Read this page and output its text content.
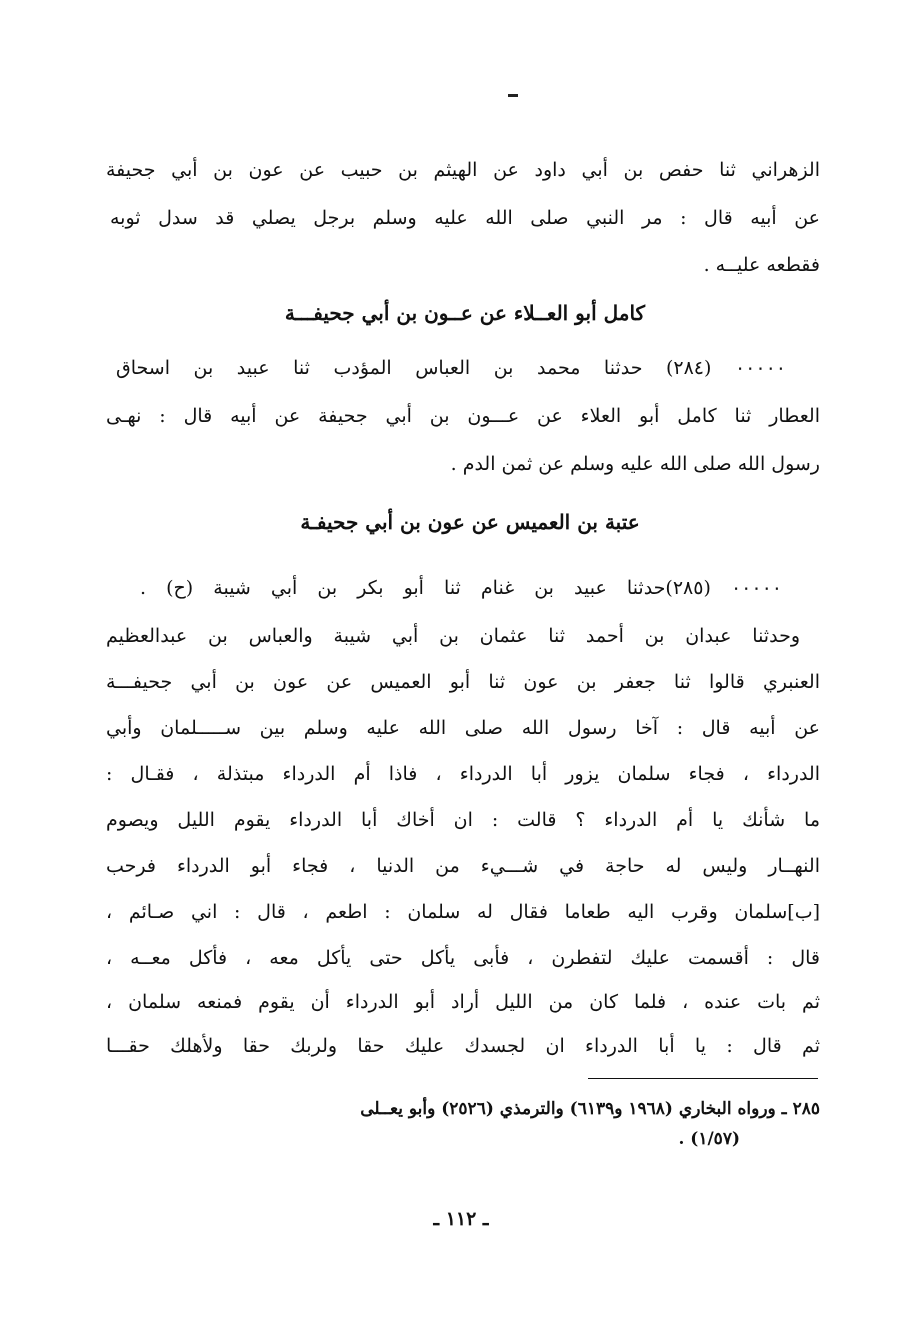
الزهراني ثنا حفص بن أبي داود عن الهيثم بن حبيب عن عون بن أبي جحيفة
عن أبيه قال : مر النبي صلى الله عليه وسلم برجل يصلي قد سدل ثوبه
فقطعه عليــه .
كامل أبو العــلاء عن عــون بن أبي جحيفـــة
٠٠٠٠٠ (٢٨٤) حدثنا محمد بن العباس المؤدب ثنا عبيد بن اسحاق
العطار ثنا كامل أبو العلاء عن عـــون بن أبي جحيفة عن أبيه قال : نهـى
رسول الله صلى الله عليه وسلم عن ثمن الدم .
عتبة بن العميس عن عون بن أبي جحيفـة
٠٠٠٠٠ (٢٨٥)حدثنا عبيد بن غنام ثنا أبو بكر بن أبي شيبة (ح) .
وحدثنا عبدان بن أحمد ثنا عثمان بن أبي شيبة والعباس بن عبدالعظيم
العنبري قالوا ثنا جعفر بن عون ثنا أبو العميس عن عون بن أبي جحيفـــة
عن أبيه قال : آخا رسول الله صلى الله عليه وسلم بين ســـــلمان وأبي
الدرداء ، فجاء سلمان يزور أبا الدرداء ، فاذا أم الدرداء مبتذلة ، فقـال :
ما شأنك يا أم الدرداء ؟ قالت : ان أخاك أبا الدرداء يقوم الليل ويصوم
النهــار وليس له حاجة في شـــيء من الدنيا ، فجاء أبو الدرداء فرحب
[ب]سلمان وقرب اليه طعاما فقال له سلمان : اطعم ، قال : اني صـائم ،
قال : أقسمت عليك لتفطرن ، فأبى يأكل حتى يأكل معه ، فأكل معــه ،
ثم بات عنده ، فلما كان من الليل أراد أبو الدرداء أن يقوم فمنعه سلمان ،
ثم قال : يا أبا الدرداء ان لجسدك عليك حقا ولربك حقا ولأهلك حقـــا
٢٨٥ ـ ورواه البخاري (١٩٦٨ و٦١٣٩) والترمذي (٢٥٢٦) وأبو يعــلى
(١/٥٧) .
ـ ١١٢ ـ
